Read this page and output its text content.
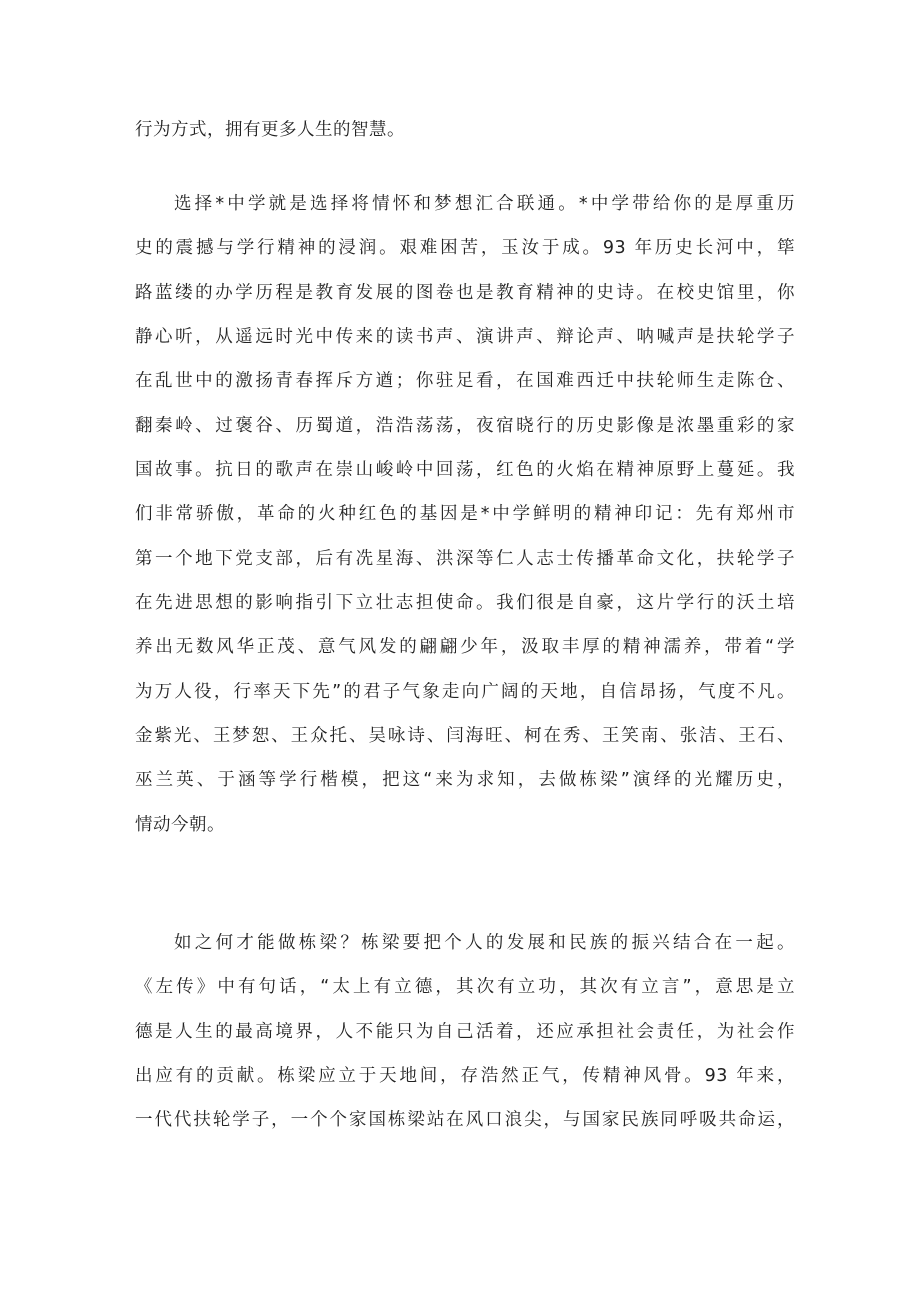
行为方式，拥有更多人生的智慧。

选择*中学就是选择将情怀和梦想汇合联通。*中学带给你的是厚重历

史的震撼与学行精神的浸润。艰难困苦，玉汝于成。93 年历史长河中，筚

路蓝缕的办学历程是教育发展的图卷也是教育精神的史诗。在校史馆里，你

静心听，从遥远时光中传来的读书声、演讲声、辩论声、呐喊声是扶轮学子

在乱世中的激扬青春挥斥方遒；你驻足看，在国难西迁中扶轮师生走陈仓、

翻秦岭、过褒谷、历蜀道，浩浩荡荡，夜宿晓行的历史影像是浓墨重彩的家

国故事。抗日的歌声在崇山峻岭中回荡，红色的火焰在精神原野上蔓延。我

们非常骄傲，革命的火种红色的基因是*中学鲜明的精神印记：先有郑州市

第一个地下党支部，后有冼星海、洪深等仁人志士传播革命文化，扶轮学子

在先进思想的影响指引下立壮志担使命。我们很是自豪，这片学行的沃土培

养出无数风华正茂、意气风发的翩翩少年，汲取丰厚的精神濡养，带着“学

为万人役，行率天下先”的君子气象走向广阔的天地，自信昂扬，气度不凡。

金紫光、王梦恕、王众托、吴咏诗、闫海旺、柯在秀、王笑南、张洁、王石、

巫兰英、于涵等学行楷模，把这“来为求知，去做栋梁”演绎的光耀历史，

情动今朝。

如之何才能做栋梁？栋梁要把个人的发展和民族的振兴结合在一起。

《左传》中有句话，“太上有立德，其次有立功，其次有立言”，意思是立

德是人生的最高境界，人不能只为自己活着，还应承担社会责任，为社会作

出应有的贡献。栋梁应立于天地间，存浩然正气，传精神风骨。93 年来，

一代代扶轮学子，一个个家国栋梁站在风口浪尖，与国家民族同呼吸共命运，
